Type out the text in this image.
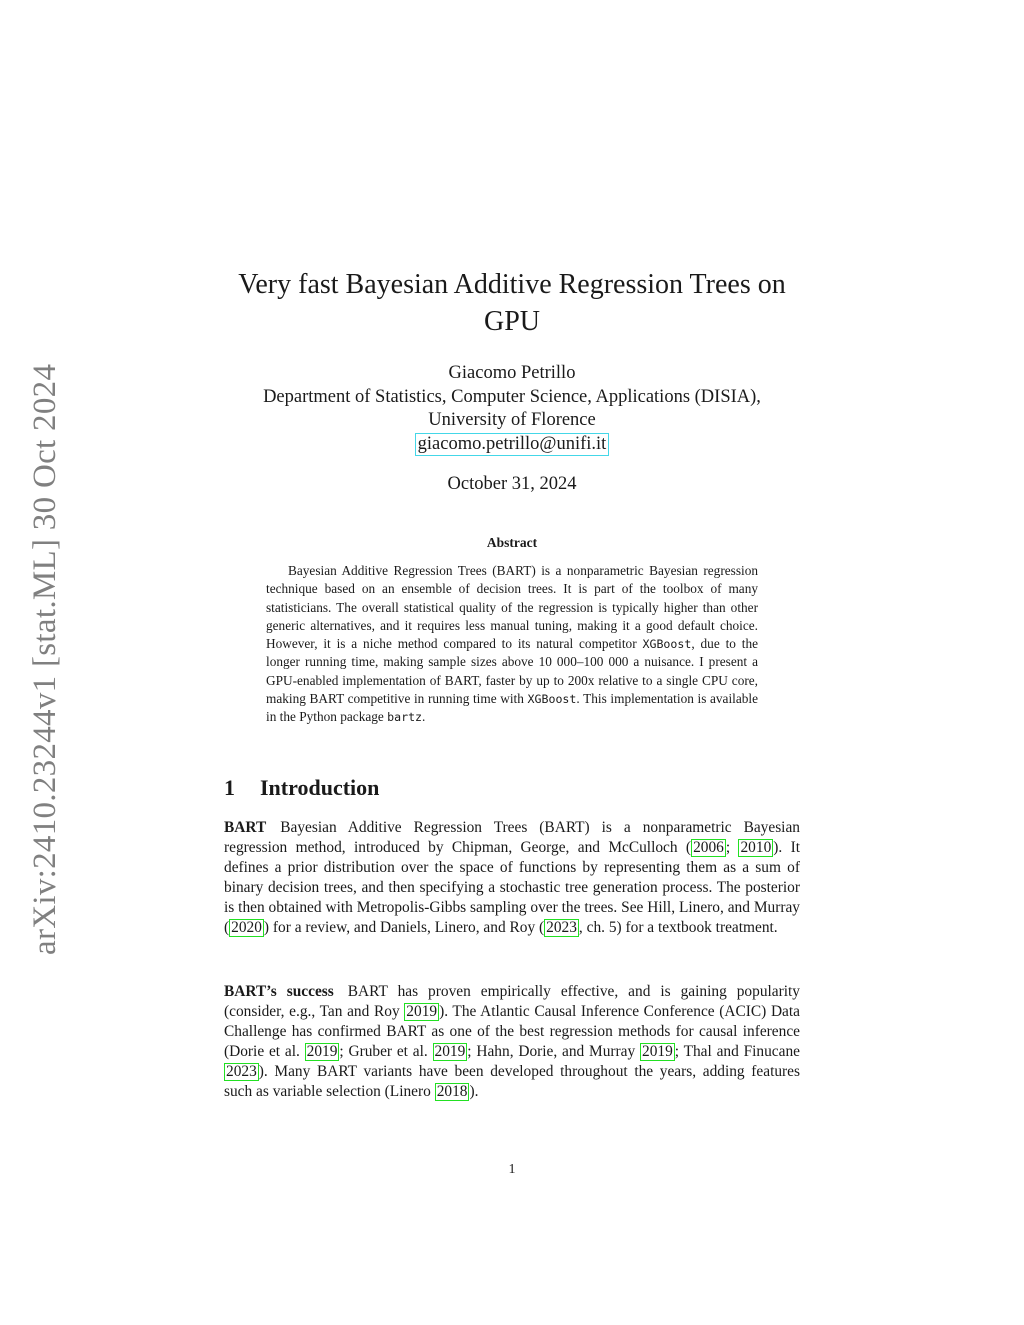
arXiv:2410.23244v1 [stat.ML] 30 Oct 2024
Very fast Bayesian Additive Regression Trees on GPU
Giacomo Petrillo
Department of Statistics, Computer Science, Applications (DISIA), University of Florence
giacomo.petrillo@unifi.it
October 31, 2024
Abstract

Bayesian Additive Regression Trees (BART) is a nonparametric Bayesian regression technique based on an ensemble of decision trees. It is part of the toolbox of many statisticians. The overall statistical quality of the regression is typically higher than other generic alternatives, and it requires less manual tuning, making it a good default choice. However, it is a niche method compared to its natural competitor XGBoost, due to the longer running time, making sample sizes above 10 000–100 000 a nuisance. I present a GPU-enabled implementation of BART, faster by up to 200x relative to a single CPU core, making BART competitive in running time with XGBoost. This implementation is available in the Python package bartz.

1 Introduction

BART Bayesian Additive Regression Trees (BART) is a nonparametric Bayesian regression method, introduced by Chipman, George, and McCulloch ( 2006 ; 2010 ). It defines a prior distribution over the space of functions by representing them as a sum of binary decision trees, and then specifying a stochastic tree generation process. The posterior is then obtained with Metropolis-Gibbs sampling over the trees. See Hill, Linero, and Murray ( 2020 ) for a review, and Daniels, Linero, and Roy ( 2023 , ch. 5) for a textbook treatment.

BART’s success BART has proven empirically effective, and is gaining popularity (consider, e.g., Tan and Roy 2019 ). The Atlantic Causal Inference Conference (ACIC) Data Challenge has confirmed BART as one of the best regression methods for causal inference (Dorie et al. 2019 ; Gruber et al. 2019 ; Hahn, Dorie, and Murray 2019 ; Thal and Finucane 2023 ). Many BART variants have been developed throughout the years, adding features such as variable selection (Linero 2018 ).

1
